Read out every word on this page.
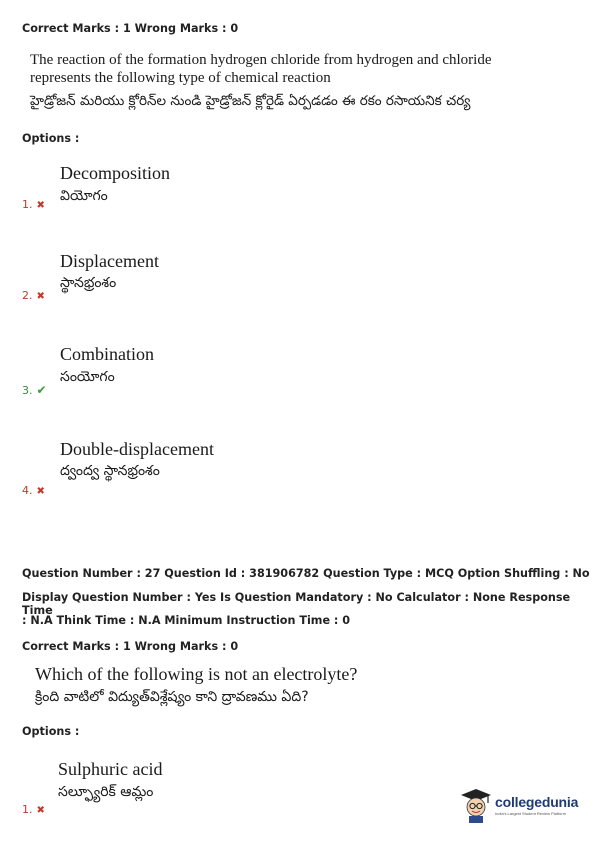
Correct Marks : 1 Wrong Marks : 0
The reaction of the formation hydrogen chloride from hydrogen and chloride
represents the following type of chemical reaction
హైడ్రోజన్ మరియు క్లోరిన్‌ల నుండి హైడ్రోజన్ క్లోరైడ్ ఏర్పడడం ఈ రకం రసాయనిక చర్య
Options :
Decomposition
వియోగం
1. ✖
Displacement
స్థానభ్రంశం
2. ✖
Combination
సంయోగం
3. ✔
Double-displacement
ద్వంద్వ స్థానభ్రంశం
4. ✖
Question Number : 27 Question Id : 381906782 Question Type : MCQ Option Shuffling : No
Display Question Number : Yes Is Question Mandatory : No Calculator : None Response Time
: N.A Think Time : N.A Minimum Instruction Time : 0
Correct Marks : 1 Wrong Marks : 0
Which of the following is not an electrolyte?
క్రింది వాటిలో విద్యుత్‌విశ్లేష్యం కాని ద్రావణము ఏది?
Options :
Sulphuric acid
సల్ఫ్యూరిక్ ఆమ్లం
1. ✖
collegedunia
India's Largest Student Review Platform
